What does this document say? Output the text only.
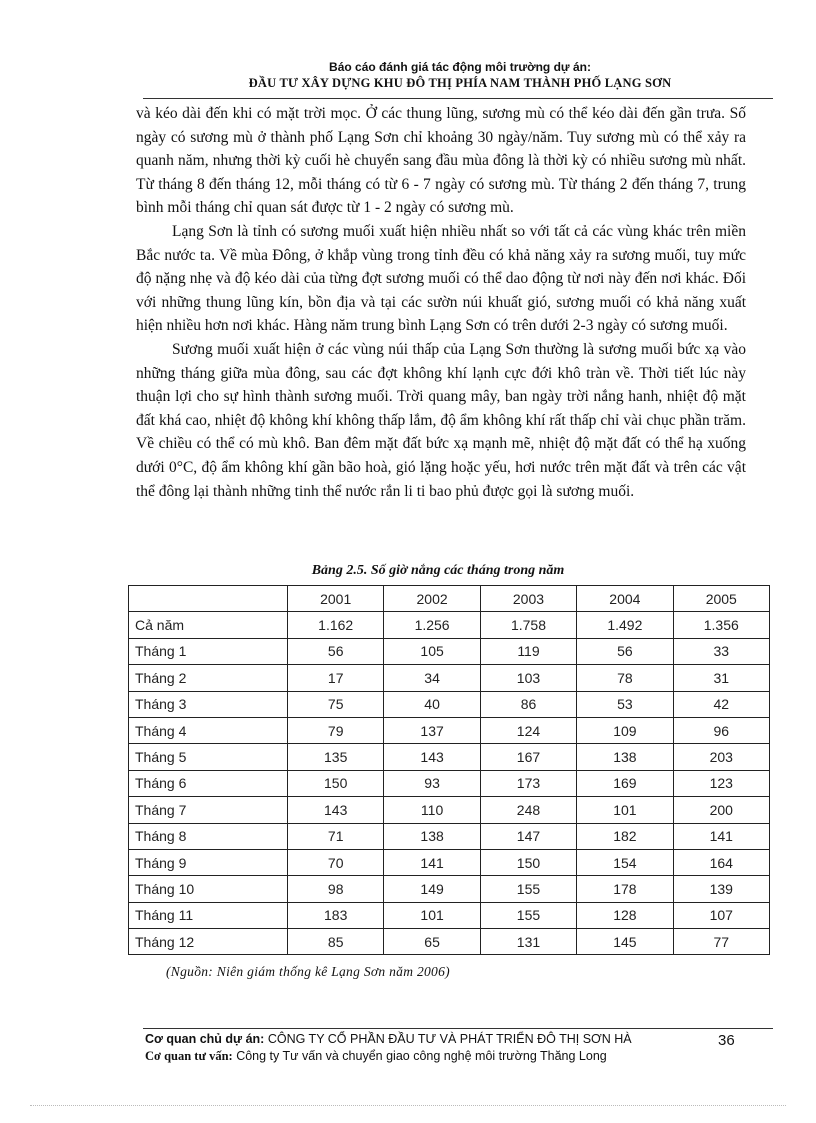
Báo cáo đánh giá tác động môi trường dự án:
ĐẦU TƯ XÂY DỰNG KHU ĐÔ THỊ PHÍA NAM THÀNH PHỐ LẠNG SƠN

và kéo dài đến khi có mặt trời mọc. Ở các thung lũng, sương mù có thể kéo dài đến gần trưa. Số ngày có sương mù ở thành phố Lạng Sơn chỉ khoảng 30 ngày/năm. Tuy sương mù có thể xảy ra quanh năm, nhưng thời kỳ cuối hè chuyển sang đầu mùa đông là thời kỳ có nhiều sương mù nhất. Từ tháng 8 đến tháng 12, mỗi tháng có từ 6 - 7 ngày có sương mù. Từ tháng 2 đến tháng 7, trung bình mỗi tháng chỉ quan sát được từ 1 - 2 ngày có sương mù.

Lạng Sơn là tỉnh có sương muối xuất hiện nhiều nhất so với tất cả các vùng khác trên miền Bắc nước ta. Về mùa Đông, ở khắp vùng trong tỉnh đều có khả năng xảy ra sương muối, tuy mức độ nặng nhẹ và độ kéo dài của từng đợt sương muối có thể dao động từ nơi này đến nơi khác. Đối với những thung lũng kín, bồn địa và tại các sườn núi khuất gió, sương muối có khả năng xuất hiện nhiều hơn nơi khác. Hàng năm trung bình Lạng Sơn có trên dưới 2-3 ngày có sương muối.

Sương muối xuất hiện ở các vùng núi thấp của Lạng Sơn thường là sương muối bức xạ vào những tháng giữa mùa đông, sau các đợt không khí lạnh cực đới khô tràn về. Thời tiết lúc này thuận lợi cho sự hình thành sương muối. Trời quang mây, ban ngày trời nắng hanh, nhiệt độ mặt đất khá cao, nhiệt độ không khí không thấp lắm, độ ẩm không khí rất thấp chỉ vài chục phần trăm. Về chiều có thể có mù khô. Ban đêm mặt đất bức xạ mạnh mẽ, nhiệt độ mặt đất có thể hạ xuống dưới 0°C, độ ẩm không khí gần bão hoà, gió lặng hoặc yếu, hơi nước trên mặt đất và trên các vật thể đông lại thành những tinh thể nước rắn li ti bao phủ được gọi là sương muối.

Bảng 2.5. Số giờ nắng các tháng trong năm
	2001	2002	2003	2004	2005
Cả năm	1.162	1.256	1.758	1.492	1.356
Tháng 1	56	105	119	56	33
Tháng 2	17	34	103	78	31
Tháng 3	75	40	86	53	42
Tháng 4	79	137	124	109	96
Tháng 5	135	143	167	138	203
Tháng 6	150	93	173	169	123
Tháng 7	143	110	248	101	200
Tháng 8	71	138	147	182	141
Tháng 9	70	141	150	154	164
Tháng 10	98	149	155	178	139
Tháng 11	183	101	155	128	107
Tháng 12	85	65	131	145	77
(Nguồn: Niên giám thống kê Lạng Sơn năm 2006)
Cơ quan chủ dự án: CÔNG TY CỔ PHẦN ĐẦU TƯ VÀ PHÁT TRIỂN ĐÔ THỊ SƠN HÀ
Cơ quan tư vấn: Công ty Tư vấn và chuyển giao công nghệ môi trường Thăng Long
36
